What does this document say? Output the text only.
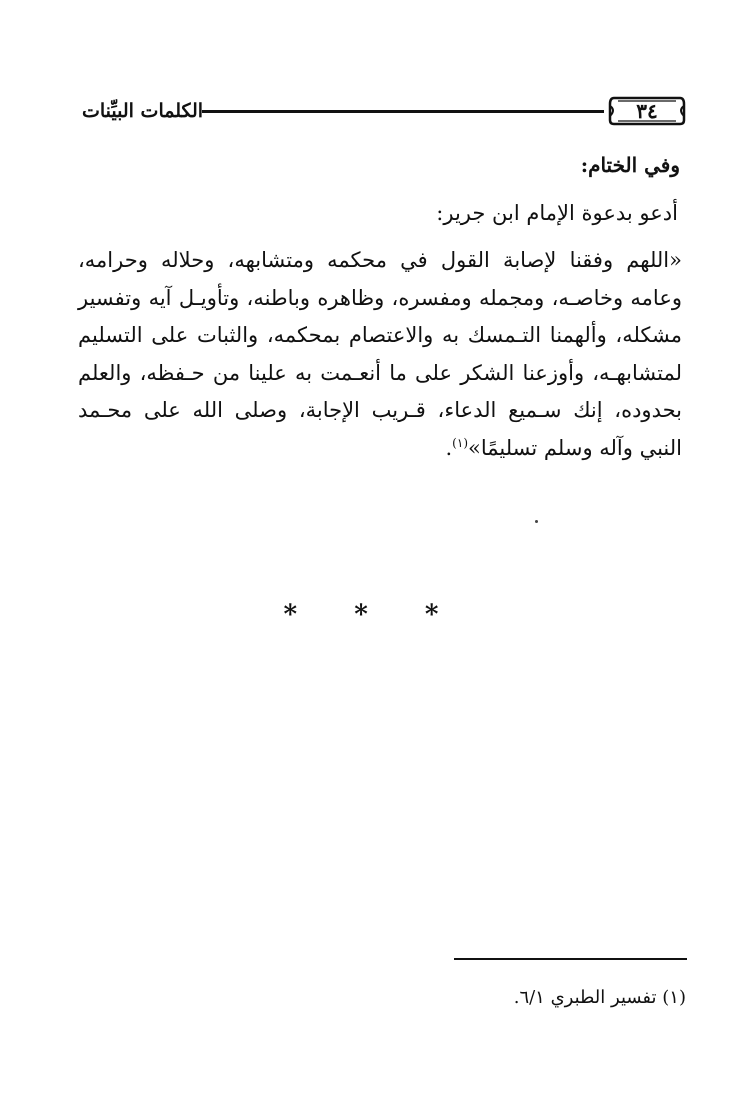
٣٤
الكلمات البيِّنات
وفي الختام:
أدعو بدعوة الإمام ابن جرير:
«اللهم وفقنا لإصابة القول في محكمه ومتشابهه، وحلاله وحرامه،
وعامه وخاصـه، ومجمله ومفسره، وظاهره وباطنه، وتأويـل آيه وتفسير
مشكله، وألهمنا التـمسك به والاعتصام بمحكمه، والثبات على التسليم
لمتشابهـه، وأوزعنا الشكر على ما أنعـمت به علينا من حـفظه، والعلم
بحدوده، إنك سـميع الدعاء، قـريب الإجابة، وصلى الله على محـمد
النبي وآله وسلم تسليمًا»$^{(١)}$.
* * *
(١) تفسير الطبري ٦/١.
